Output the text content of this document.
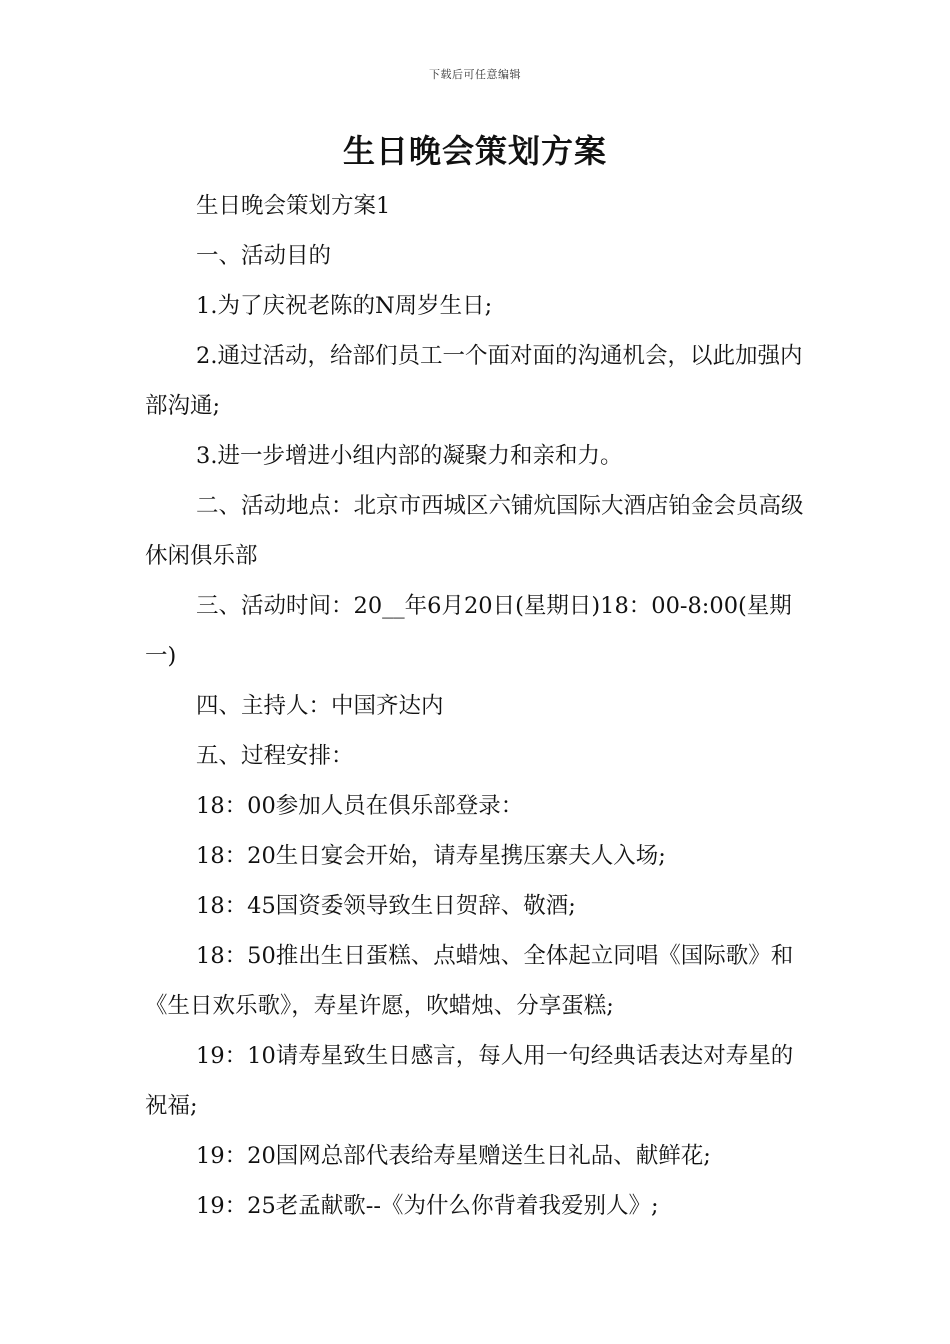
下载后可任意编辑
生日晚会策划方案

生日晚会策划方案1

一、活动目的

1.为了庆祝老陈的N周岁生日;

2.通过活动，给部们员工一个面对面的沟通机会，以此加强内部沟通;

3.进一步增进小组内部的凝聚力和亲和力。

二、活动地点：北京市西城区六铺炕国际大酒店铂金会员高级休闲俱乐部

三、活动时间：20__年6月20日(星期日)18：00-8:00(星期一)

四、主持人：中国齐达内

五、过程安排：

18：00参加人员在俱乐部登录：

18：20生日宴会开始，请寿星携压寨夫人入场;

18：45国资委领导致生日贺辞、敬酒;

18：50推出生日蛋糕、点蜡烛、全体起立同唱《国际歌》和《生日欢乐歌》，寿星许愿，吹蜡烛、分享蛋糕;

19：10请寿星致生日感言，每人用一句经典话表达对寿星的祝福;

19：20国网总部代表给寿星赠送生日礼品、献鲜花;

19：25老孟献歌--《为什么你背着我爱别人》;
